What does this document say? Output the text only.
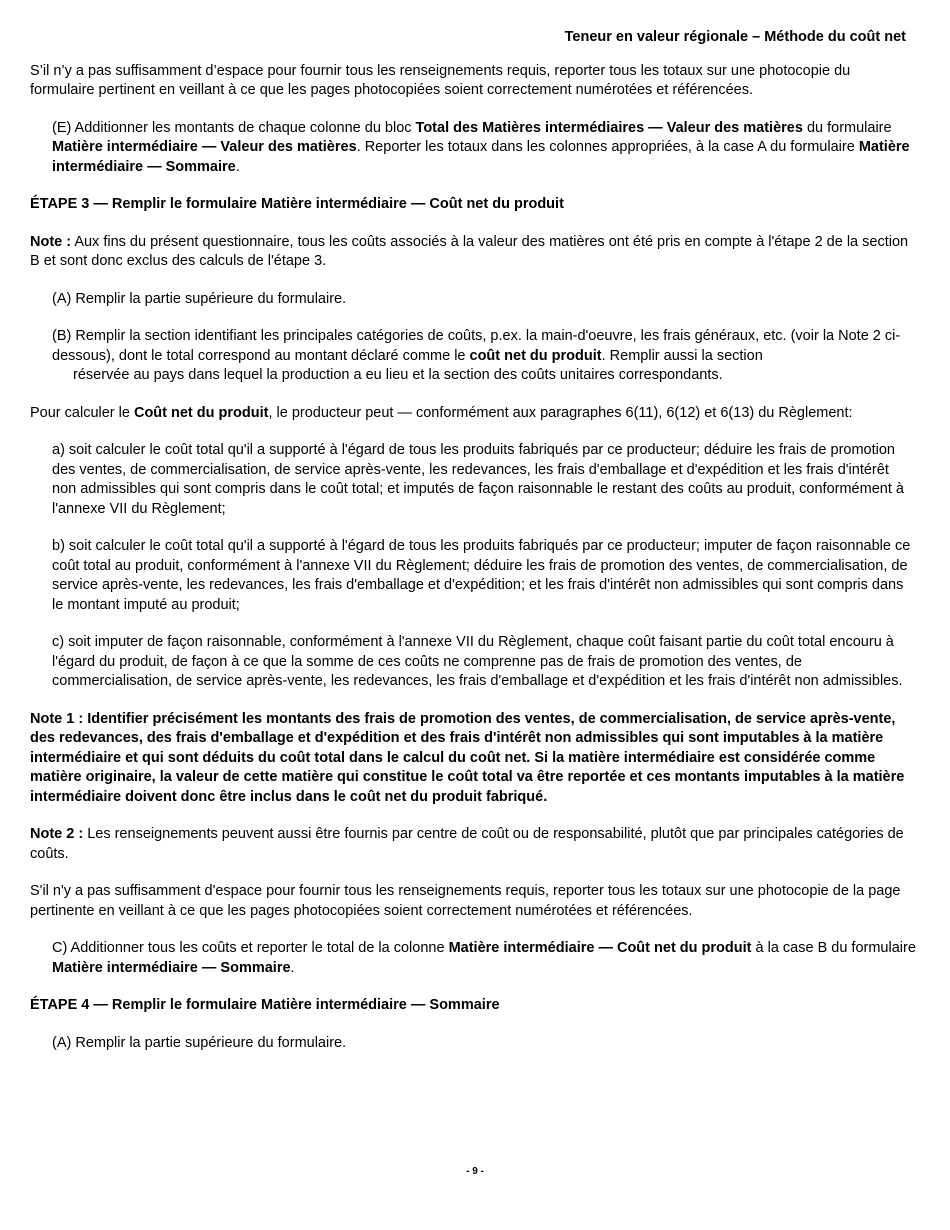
Teneur en valeur régionale – Méthode du coût net

S’il n’y a pas suffisamment d’espace pour fournir tous les renseignements requis, reporter tous les totaux sur une photocopie du formulaire pertinent en veillant à ce que les pages photocopiées soient correctement numérotées et référencées.

(E) Additionner les montants de chaque colonne du bloc Total des Matières intermédiaires — Valeur des matières du formulaire Matière intermédiaire — Valeur des matières. Reporter les totaux dans les colonnes appropriées, à la case A du formulaire Matière intermédiaire — Sommaire.

ÉTAPE 3 — Remplir le formulaire Matière intermédiaire — Coût net du produit

Note : Aux fins du présent questionnaire, tous les coûts associés à la valeur des matières ont été pris en compte à l'étape 2 de la section B et sont donc exclus des calculs de l'étape 3.

(A) Remplir la partie supérieure du formulaire.

(B) Remplir la section identifiant les principales catégories de coûts, p.ex. la main-d'oeuvre, les frais généraux, etc. (voir la Note 2 ci-dessous), dont le total correspond au montant déclaré comme le coût net du produit. Remplir aussi la section
réservée au pays dans lequel la production a eu lieu et la section des coûts unitaires correspondants.

Pour calculer le Coût net du produit, le producteur peut — conformément aux paragraphes 6(11), 6(12) et 6(13) du Règlement:

a) soit calculer le coût total qu'il a supporté à l'égard de tous les produits fabriqués par ce producteur; déduire les frais de promotion des ventes, de commercialisation, de service après-vente, les redevances, les frais d'emballage et d'expédition et les frais d'intérêt non admissibles qui sont compris dans le coût total; et imputés de façon raisonnable le restant des coûts au produit, conformément à l'annexe VII du Règlement;

b) soit calculer le coût total qu'il a supporté à l'égard de tous les produits fabriqués par ce producteur; imputer de façon raisonnable ce coût total au produit, conformément à l'annexe VII du Règlement; déduire les frais de promotion des ventes, de commercialisation, de service après-vente, les redevances, les frais d'emballage et d'expédition; et les frais d'intérêt non admissibles qui sont compris dans le montant imputé au produit;

c) soit imputer de façon raisonnable, conformément à l'annexe VII du Règlement, chaque coût faisant partie du coût total encouru à l'égard du produit, de façon à ce que la somme de ces coûts ne comprenne pas de frais de promotion des ventes, de commercialisation, de service après-vente, les redevances, les frais d'emballage et d'expédition et les frais d'intérêt non admissibles.

Note 1 : Identifier précisément les montants des frais de promotion des ventes, de commercialisation, de service après-vente, des redevances, des frais d'emballage et d'expédition et des frais d'intérêt non admissibles qui sont imputables à la matière intermédiaire et qui sont déduits du coût total dans le calcul du coût net. Si la matière intermédiaire est considérée comme matière originaire, la valeur de cette matière qui constitue le coût total va être reportée et ces montants imputables à la matière intermédiaire doivent donc être inclus dans le coût net du produit fabriqué.

Note 2 : Les renseignements peuvent aussi être fournis par centre de coût ou de responsabilité, plutôt que par principales catégories de coûts.

S'il n'y a pas suffisamment d'espace pour fournir tous les renseignements requis, reporter tous les totaux sur une photocopie de la page pertinente en veillant à ce que les pages photocopiées soient correctement numérotées et référencées.

C) Additionner tous les coûts et reporter le total de la colonne Matière intermédiaire — Coût net du produit à la case B du formulaire Matière intermédiaire — Sommaire.

ÉTAPE 4 — Remplir le formulaire Matière intermédiaire — Sommaire

(A) Remplir la partie supérieure du formulaire.

- 9 -
